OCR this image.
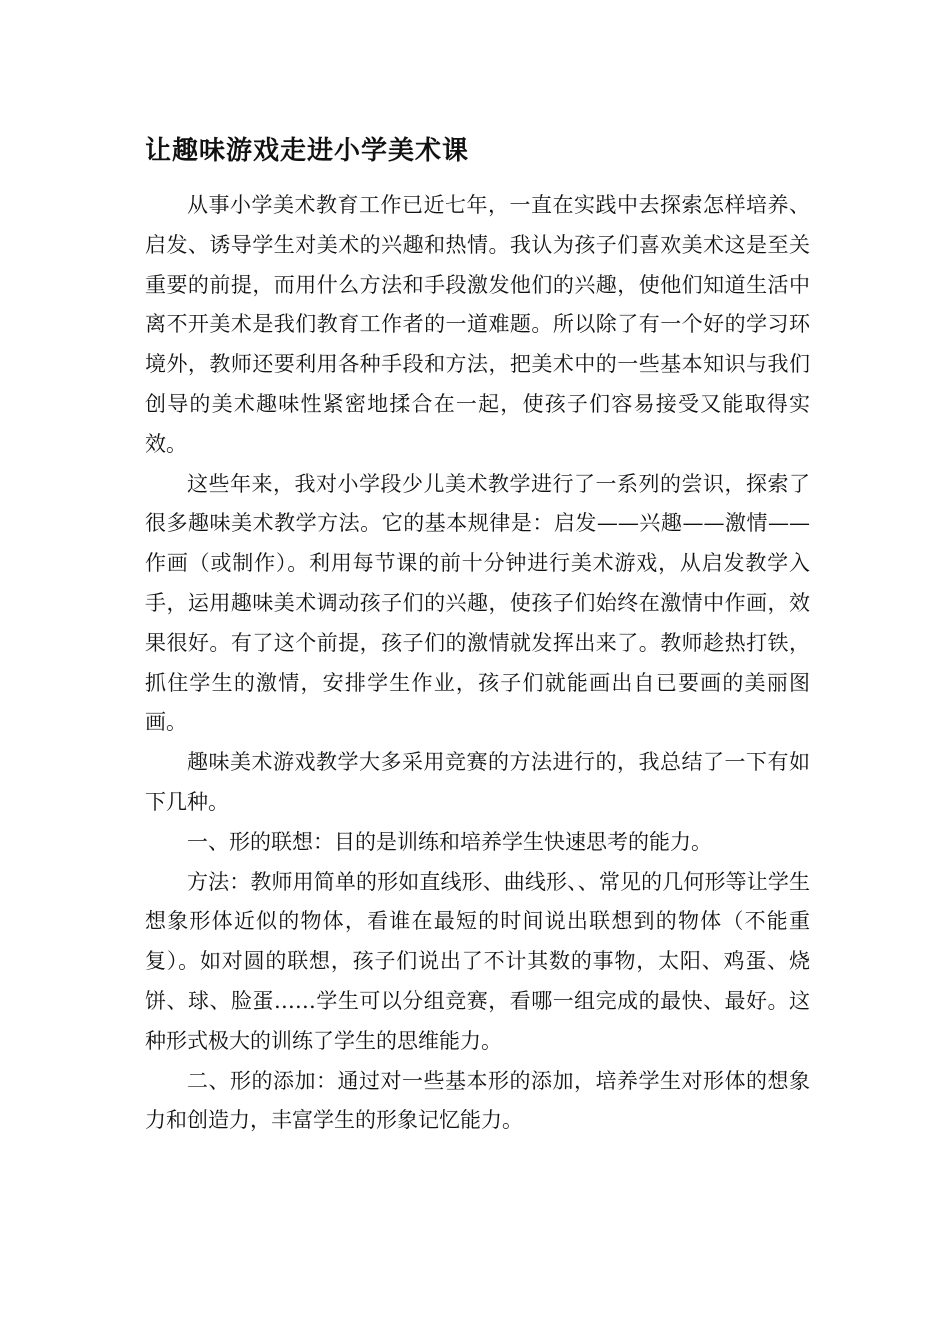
让趣味游戏走进小学美术课

从事小学美术教育工作已近七年，一直在实践中去探索怎样培养、启发、诱导学生对美术的兴趣和热情。我认为孩子们喜欢美术这是至关重要的前提，而用什么方法和手段激发他们的兴趣，使他们知道生活中离不开美术是我们教育工作者的一道难题。所以除了有一个好的学习环境外，教师还要利用各种手段和方法，把美术中的一些基本知识与我们创导的美术趣味性紧密地揉合在一起，使孩子们容易接受又能取得实效。

这些年来，我对小学段少儿美术教学进行了一系列的尝识，探索了很多趣味美术教学方法。它的基本规律是：启发——兴趣——激情——作画（或制作）。利用每节课的前十分钟进行美术游戏，从启发教学入手，运用趣味美术调动孩子们的兴趣，使孩子们始终在激情中作画，效果很好。有了这个前提，孩子们的激情就发挥出来了。教师趁热打铁，抓住学生的激情，安排学生作业，孩子们就能画出自已要画的美丽图画。

趣味美术游戏教学大多采用竞赛的方法进行的，我总结了一下有如下几种。

一、形的联想：目的是训练和培养学生快速思考的能力。

方法：教师用简单的形如直线形、曲线形、、常见的几何形等让学生想象形体近似的物体，看谁在最短的时间说出联想到的物体（不能重复）。如对圆的联想，孩子们说出了不计其数的事物，太阳、鸡蛋、烧饼、球、脸蛋……学生可以分组竞赛，看哪一组完成的最快、最好。这种形式极大的训练了学生的思维能力。

二、形的添加：通过对一些基本形的添加，培养学生对形体的想象力和创造力，丰富学生的形象记忆能力。
